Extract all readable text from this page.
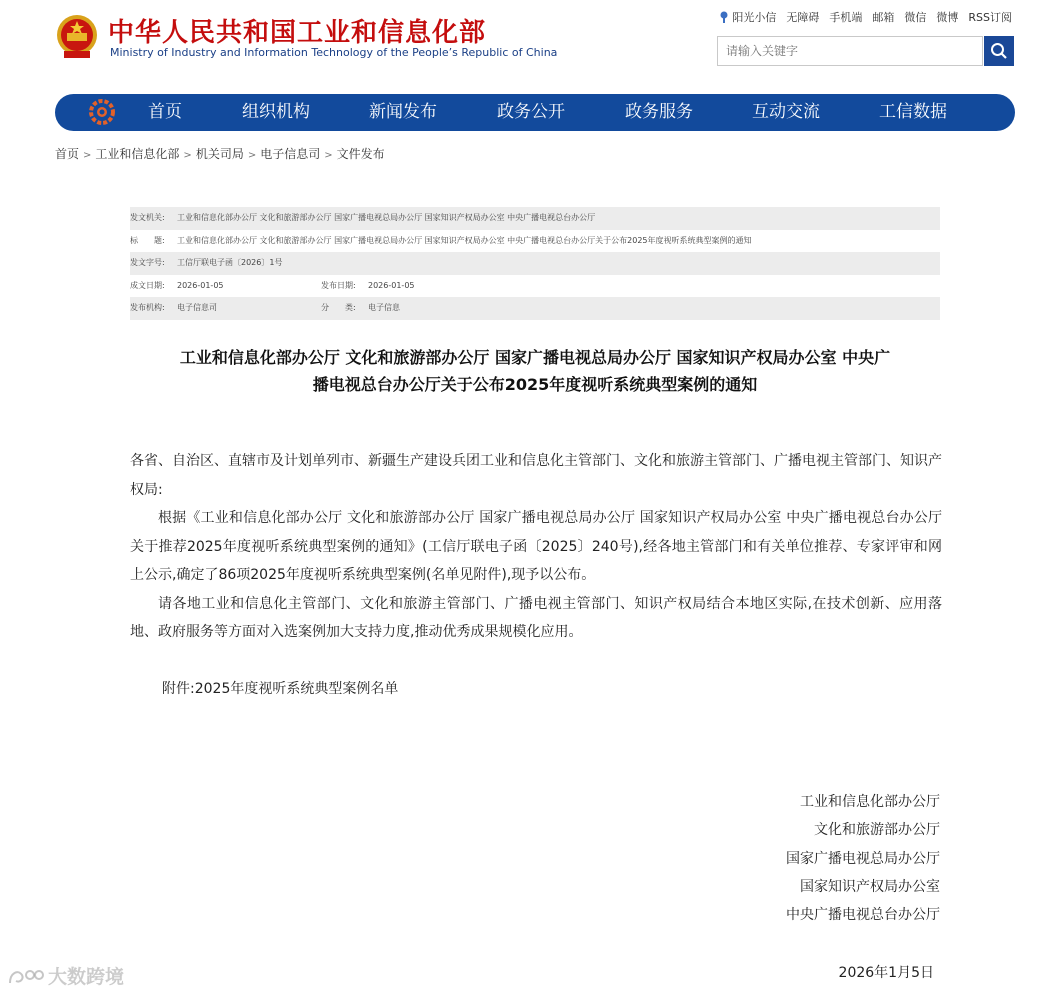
中华人民共和国工业和信息化部
Ministry of Industry and Information Technology of the People’s Republic of China
阳光小信 无障碍 手机端 邮箱 微信 微博 RSS订阅
请输入关键字
首页	组织机构	新闻发布	政务公开	政务服务	互动交流	工信数据
首页 > 工业和信息化部 > 机关司局 > 电子信息司 > 文件发布
发文机关: 工业和信息化部办公厅 文化和旅游部办公厅 国家广播电视总局办公厅 国家知识产权局办公室 中央广播电视总台办公厅
标　　题: 工业和信息化部办公厅 文化和旅游部办公厅 国家广播电视总局办公厅 国家知识产权局办公室 中央广播电视总台办公厅关于公布2025年度视听系统典型案例的通知
发文字号: 工信厅联电子函〔2026〕1号
成文日期: 2026-01-05	发布日期: 2026-01-05
发布机构: 电子信息司	分　　类: 电子信息
工业和信息化部办公厅 文化和旅游部办公厅 国家广播电视总局办公厅 国家知识产权局办公室 中央广
播电视总台办公厅关于公布2025年度视听系统典型案例的通知

各省、自治区、直辖市及计划单列市、新疆生产建设兵团工业和信息化主管部门、文化和旅游主管部门、广播电视主管部门、知识产权局:

根据《工业和信息化部办公厅 文化和旅游部办公厅 国家广播电视总局办公厅 国家知识产权局办公室 中央广播电视总台办公厅关于推荐2025年度视听系统典型案例的通知》(工信厅联电子函〔2025〕240号),经各地主管部门和有关单位推荐、专家评审和网上公示,确定了86项2025年度视听系统典型案例(名单见附件),现予以公布。

请各地工业和信息化主管部门、文化和旅游主管部门、广播电视主管部门、知识产权局结合本地区实际,在技术创新、应用落地、政府服务等方面对入选案例加大支持力度,推动优秀成果规模化应用。

附件:2025年度视听系统典型案例名单
工业和信息化部办公厅
文化和旅游部办公厅
国家广播电视总局办公厅
国家知识产权局办公室
中央广播电视总台办公厅
2026年1月5日
大数跨境
